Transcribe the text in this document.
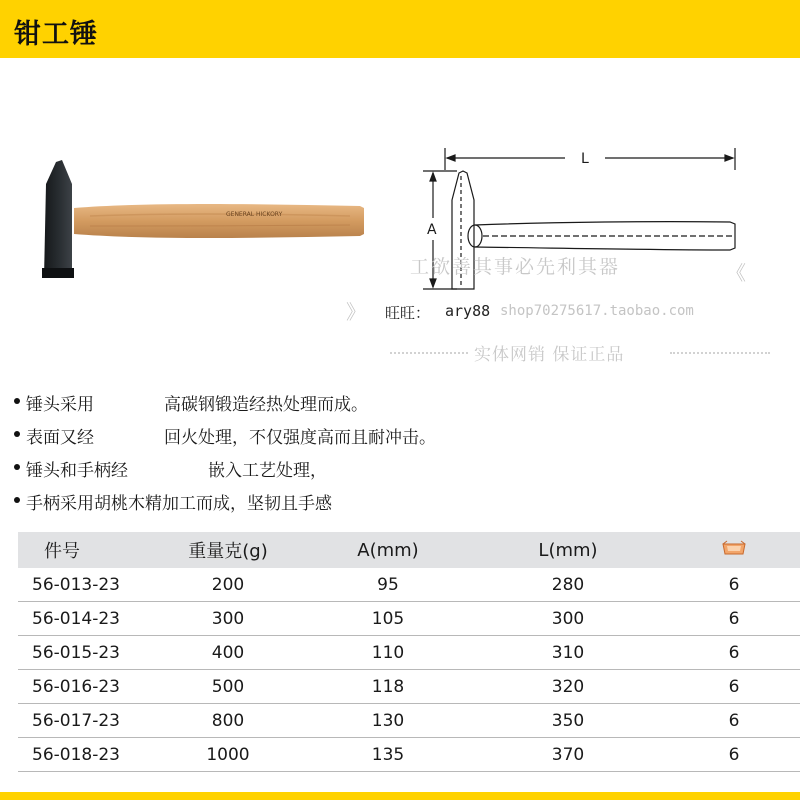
钳工锤
GENERAL HICKORY
L
A
工欲善其事必先利其器	《
》 旺旺： ary88 shop70275617.taobao.com
实体网销 保证正品
锤头采用	高碳钢锻造经热处理而成。
表面又经	回火处理，不仅强度高而且耐冲击。
锤头和手柄经	嵌入工艺处理，
手柄采用胡桃木精加工而成，坚韧且手感
件号	重量克(g)	A(mm)	L(mm)	
56-013-23	200	95	280	6
56-014-23	300	105	300	6
56-015-23	400	110	310	6
56-016-23	500	118	320	6
56-017-23	800	130	350	6
56-018-23	1000	135	370	6
